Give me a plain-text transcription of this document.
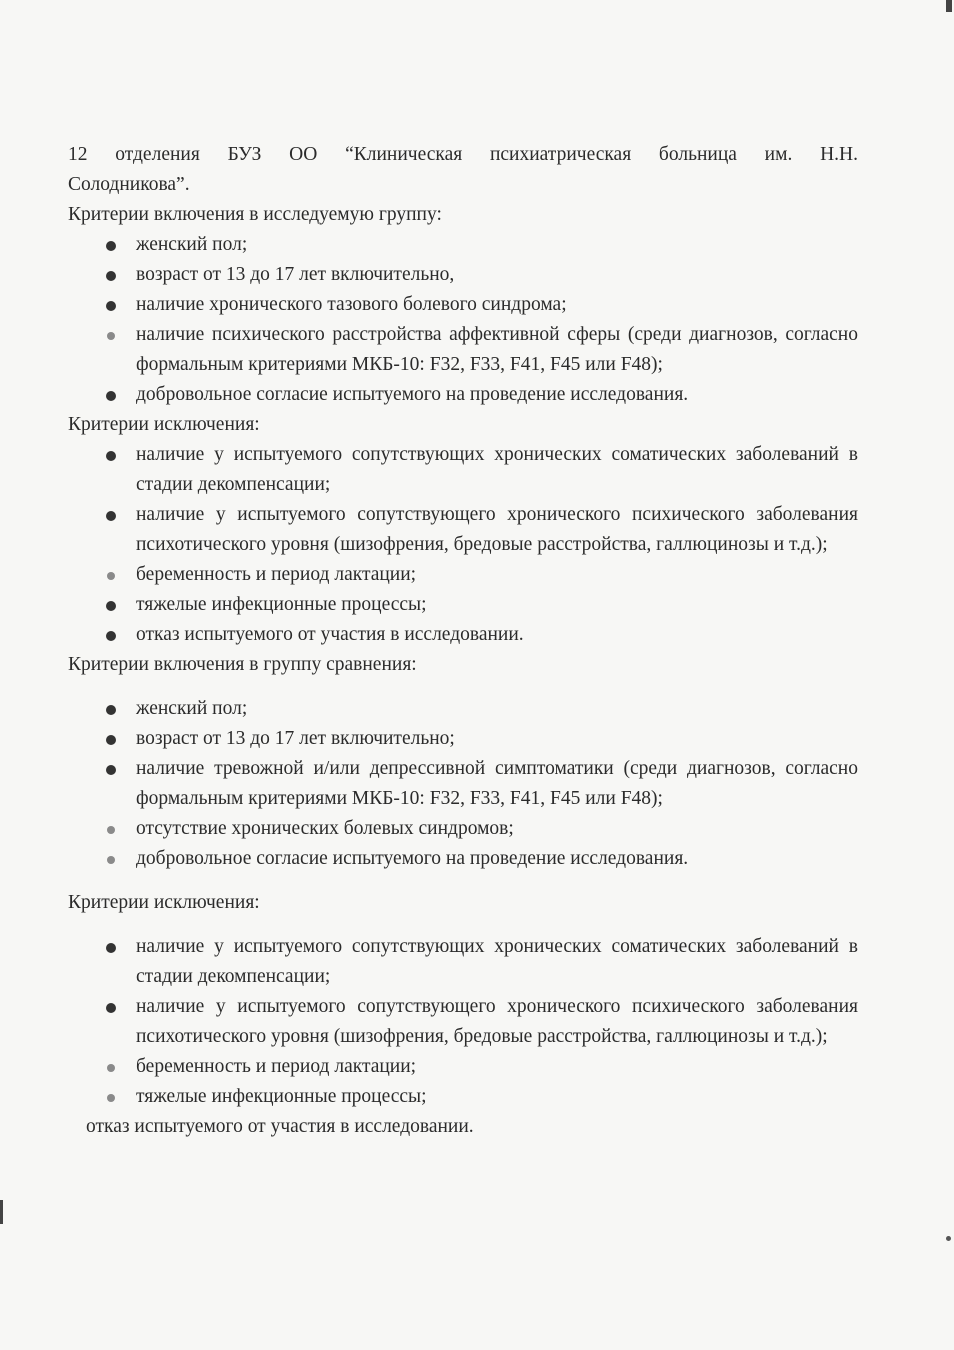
12 отделения БУЗ ОО “Клиническая психиатрическая больница им. Н.Н.

Солодникова”.

Критерии включения в исследуемую группу:

женский пол;
возраст от 13 до 17 лет включительно,
наличие хронического тазового болевого синдрома;
наличие психического расстройства аффективной сферы (среди диагнозов, согласно формальным критериями МКБ-10: F32, F33, F41, F45 или F48);
добровольное согласие испытуемого на проведение исследования.

Критерии исключения:

наличие у испытуемого сопутствующих хронических соматических заболеваний в стадии декомпенсации;
наличие у испытуемого сопутствующего хронического психического заболевания психотического уровня (шизофрения, бредовые расстройства, галлюцинозы и т.д.);
беременность и период лактации;
тяжелые инфекционные процессы;
отказ испытуемого от участия в исследовании.

Критерии включения в группу сравнения:

женский пол;
возраст от 13 до 17 лет включительно;
наличие тревожной и/или депрессивной симптоматики (среди диагнозов, согласно формальным критериями МКБ-10: F32, F33, F41, F45 или F48);
отсутствие хронических болевых синдромов;
добровольное согласие испытуемого на проведение исследования.

Критерии исключения:

наличие у испытуемого сопутствующих хронических соматических заболеваний в стадии декомпенсации;
наличие у испытуемого сопутствующего хронического психического заболевания психотического уровня (шизофрения, бредовые расстройства, галлюцинозы и т.д.);
беременность и период лактации;
тяжелые инфекционные процессы;

отказ испытуемого от участия в исследовании.
